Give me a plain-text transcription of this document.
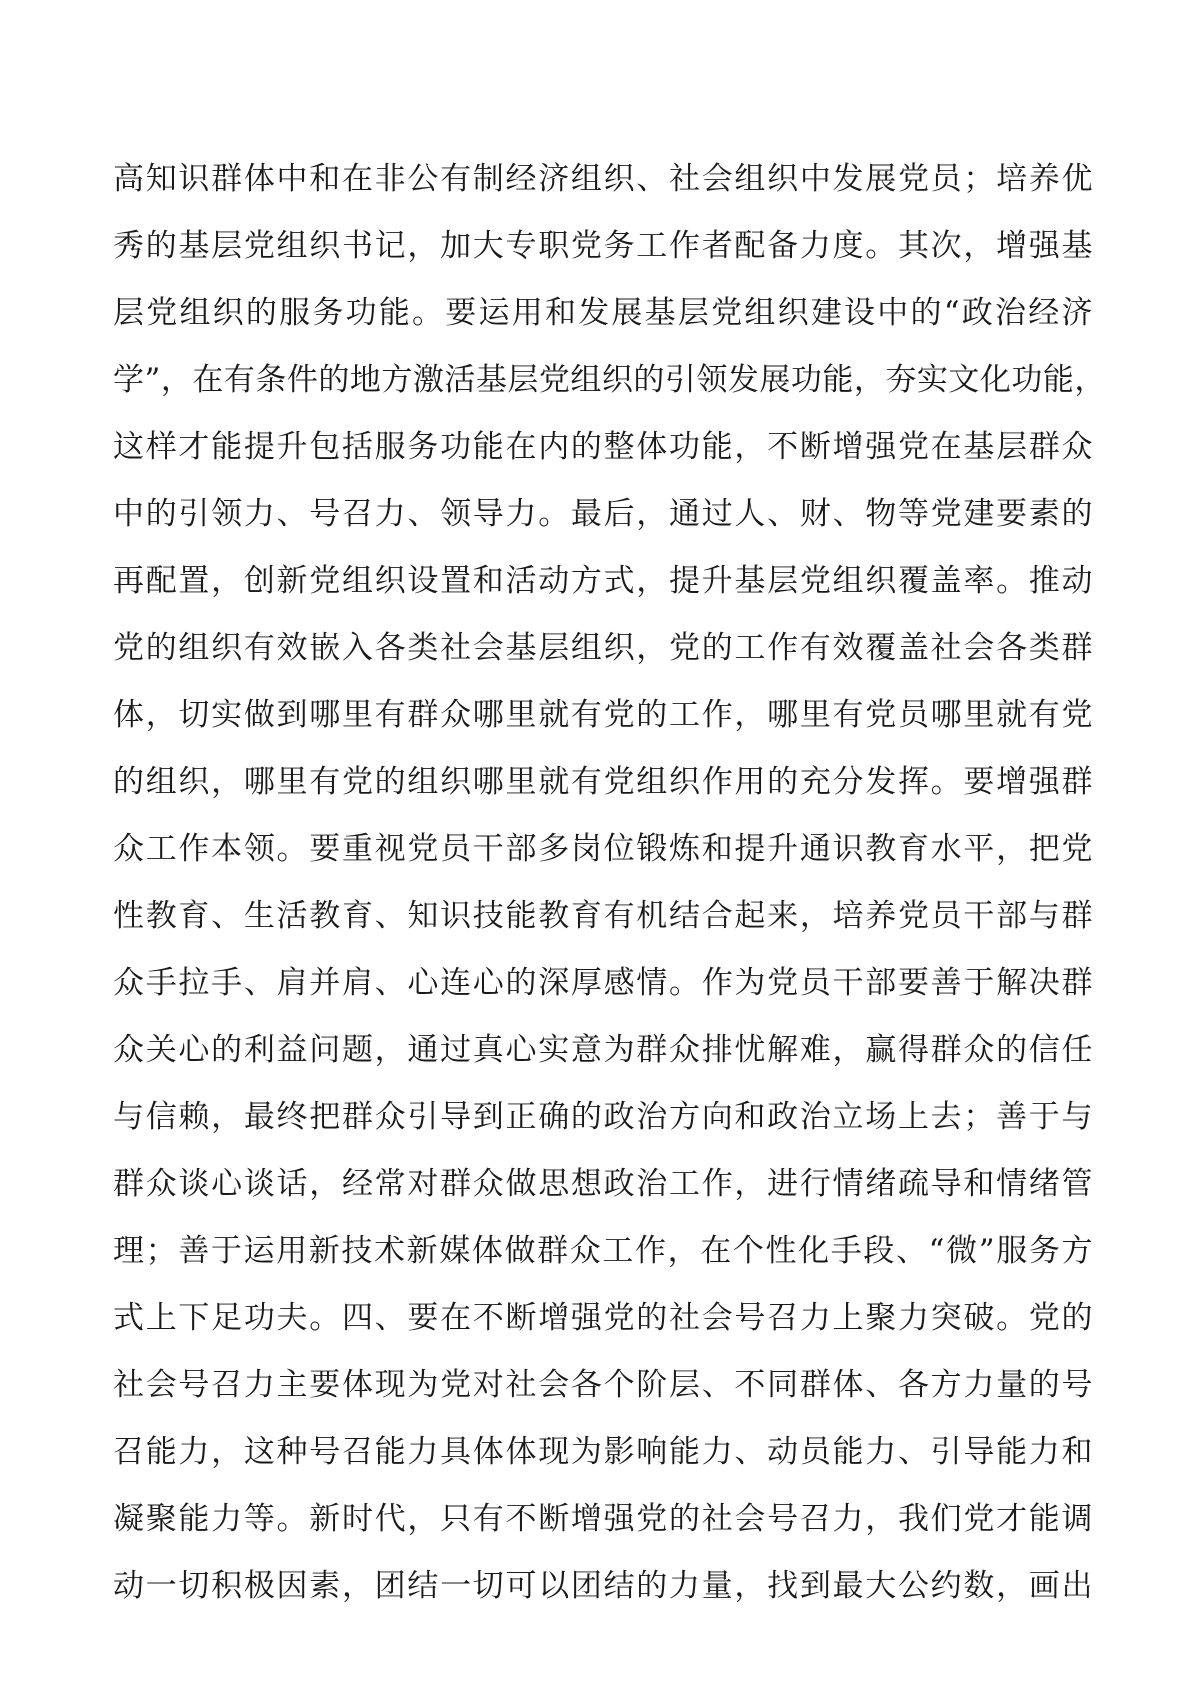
高知识群体中和在非公有制经济组织、社会组织中发展党员；培养优
秀的基层党组织书记，加大专职党务工作者配备力度。其次，增强基
层党组织的服务功能。要运用和发展基层党组织建设中的“政治经济
学”，在有条件的地方激活基层党组织的引领发展功能，夯实文化功能，
这样才能提升包括服务功能在内的整体功能，不断增强党在基层群众
中的引领力、号召力、领导力。最后，通过人、财、物等党建要素的
再配置，创新党组织设置和活动方式，提升基层党组织覆盖率。推动
党的组织有效嵌入各类社会基层组织，党的工作有效覆盖社会各类群
体，切实做到哪里有群众哪里就有党的工作，哪里有党员哪里就有党
的组织，哪里有党的组织哪里就有党组织作用的充分发挥。要增强群
众工作本领。要重视党员干部多岗位锻炼和提升通识教育水平，把党
性教育、生活教育、知识技能教育有机结合起来，培养党员干部与群
众手拉手、肩并肩、心连心的深厚感情。作为党员干部要善于解决群
众关心的利益问题，通过真心实意为群众排忧解难，赢得群众的信任
与信赖，最终把群众引导到正确的政治方向和政治立场上去；善于与
群众谈心谈话，经常对群众做思想政治工作，进行情绪疏导和情绪管
理；善于运用新技术新媒体做群众工作，在个性化手段、“微”服务方
式上下足功夫。四、要在不断增强党的社会号召力上聚力突破。党的
社会号召力主要体现为党对社会各个阶层、不同群体、各方力量的号
召能力，这种号召能力具体体现为影响能力、动员能力、引导能力和
凝聚能力等。新时代，只有不断增强党的社会号召力，我们党才能调
动一切积极因素，团结一切可以团结的力量，找到最大公约数，画出
